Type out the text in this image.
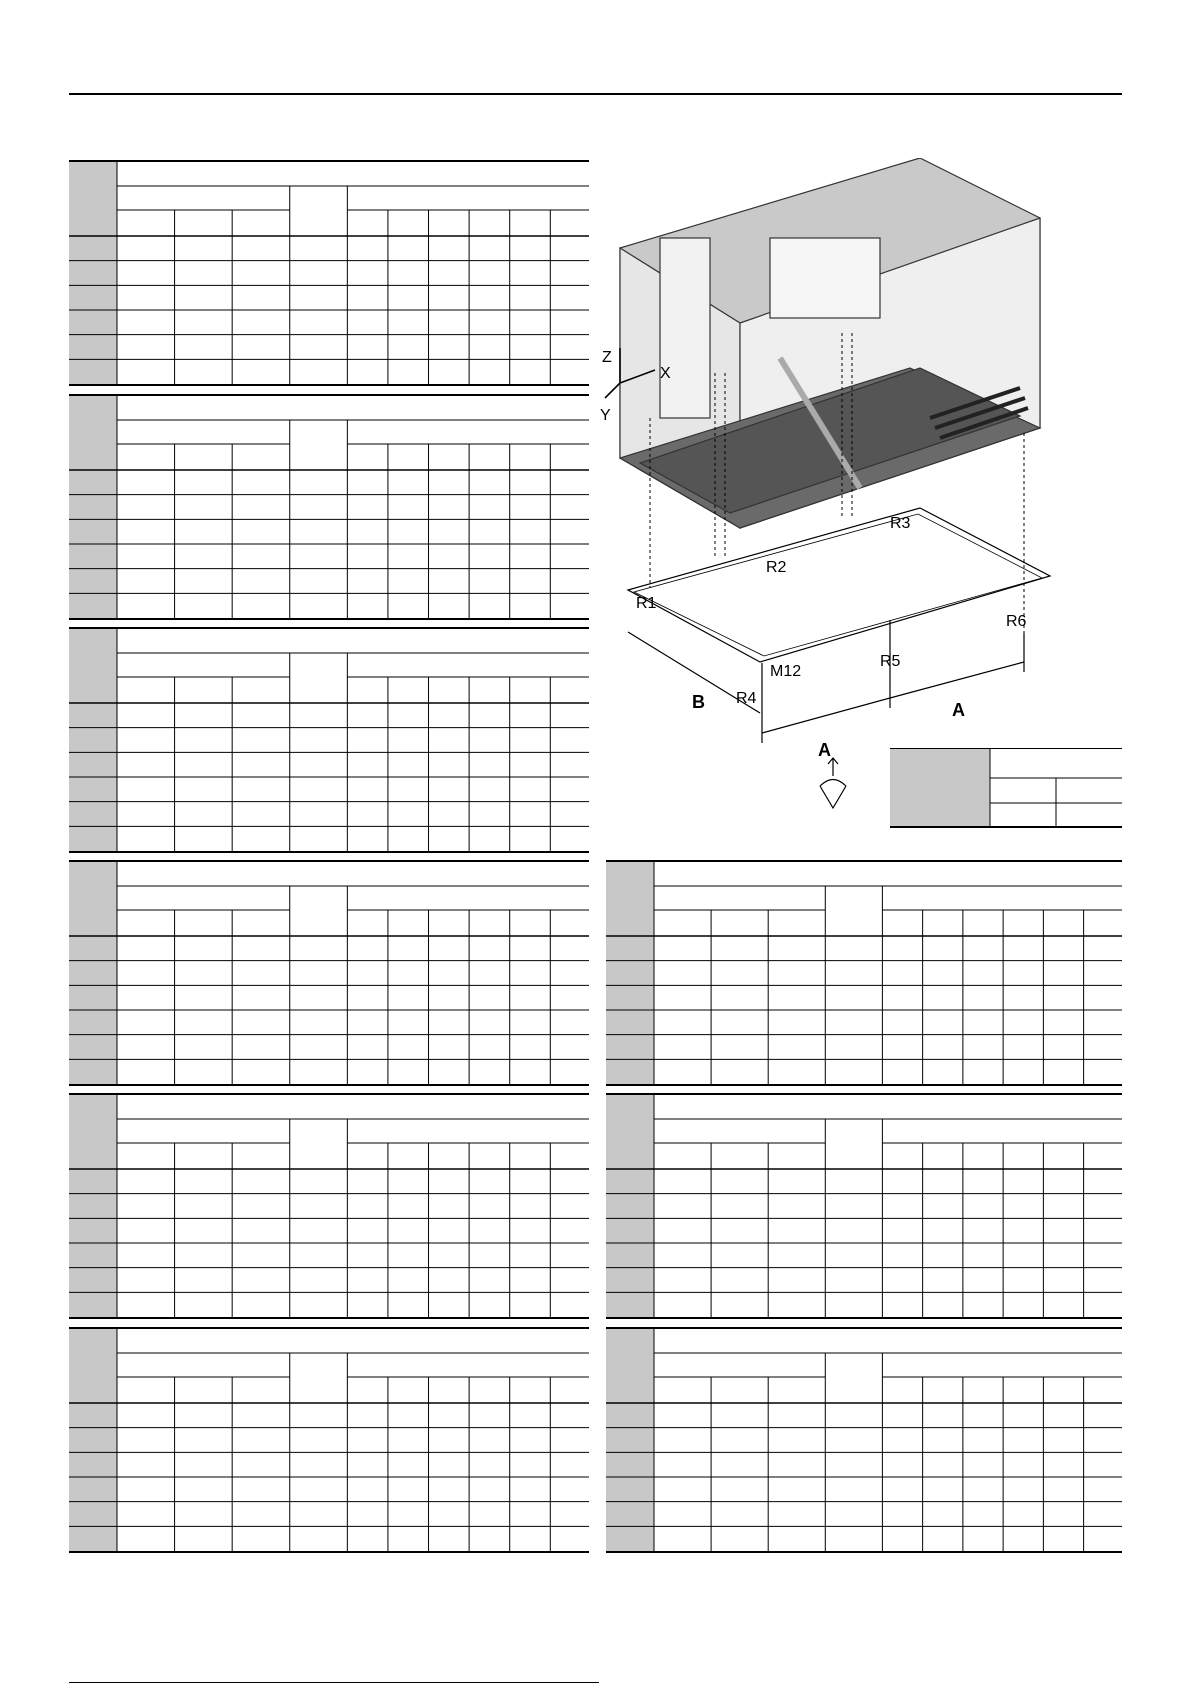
Z
X
Y
R1
R2
R3
R4
R5
R6
M12
B
A
A
